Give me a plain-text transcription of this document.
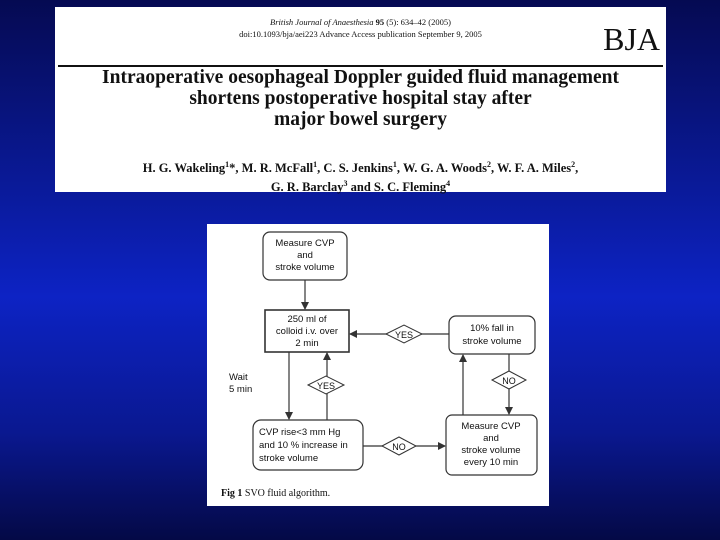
British Journal of Anaesthesia 95 (5): 634–42 (2005)
doi:10.1093/bja/aei223 Advance Access publication September 9, 2005	BJA
Intraoperative oesophageal Doppler guided fluid management
shortens postoperative hospital stay after
major bowel surgery
H. G. Wakeling$^1$*, M. R. McFall$^1$, C. S. Jenkins$^1$, W. G. A. Woods$^2$, W. F. A. Miles$^2$,
G. R. Barclay$^3$ and S. C. Fleming$^4$
Measure CVP
and
stroke volume
250 ml of
colloid i.v. over
2 min
10% fall in
stroke volume
CVP rise<3 mm Hg
and 10 % increase in
stroke volume
Measure CVP
and
stroke volume
every 10 min
YES
YES	NO
NO
Wait
5 min
Fig 1 SVO fluid algorithm.
